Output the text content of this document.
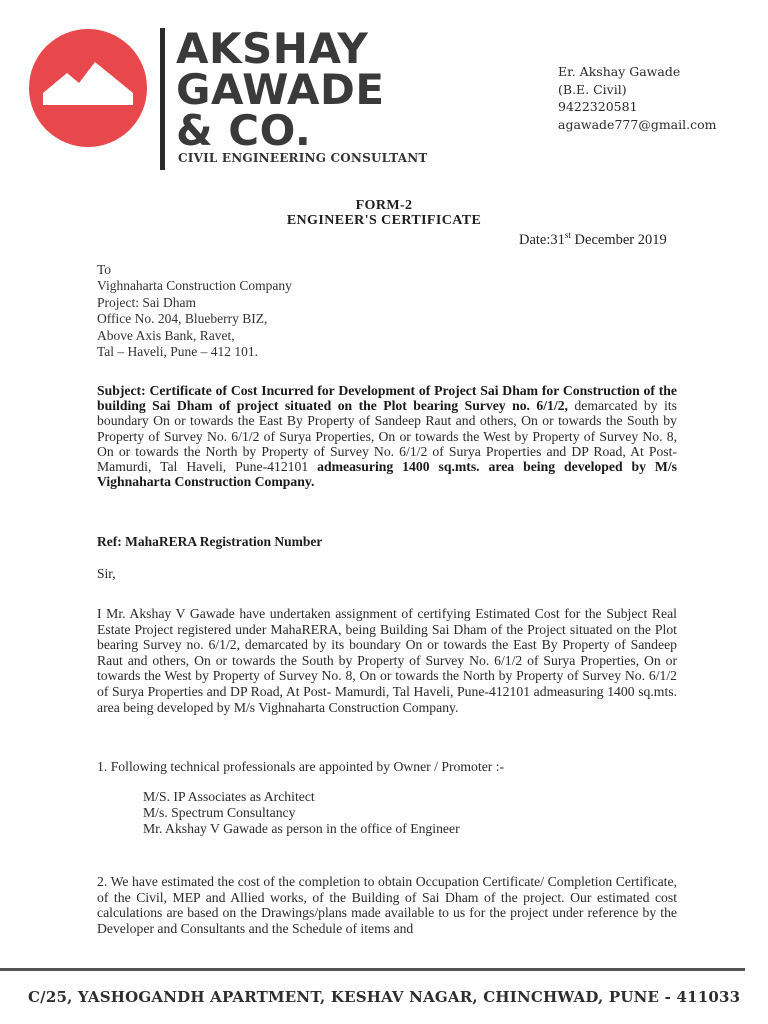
AKSHAY
GAWADE
& CO.
CIVIL ENGINEERING CONSULTANT
Er. Akshay Gawade
(B.E. Civil)
9422320581
agawade777@gmail.com
FORM-2
ENGINEER'S CERTIFICATE
Date:31st December 2019
To
Vighnaharta Construction Company
Project: Sai Dham
Office No. 204, Blueberry BIZ,
Above Axis Bank, Ravet,
Tal – Haveli, Pune – 412 101.
Subject: Certificate of Cost Incurred for Development of Project Sai Dham for Construction of the building Sai Dham of project situated on the Plot bearing Survey no. 6/1/2, demarcated by its boundary On or towards the East By Property of Sandeep Raut and others, On or towards the South by Property of Survey No. 6/1/2 of Surya Properties, On or towards the West by Property of Survey No. 8, On or towards the North by Property of Survey No. 6/1/2 of Surya Properties and DP Road, At Post- Mamurdi, Tal Haveli, Pune-412101 admeasuring 1400 sq.mts. area being developed by M/s Vighnaharta Construction Company.
Ref: MahaRERA Registration Number
Sir,
I Mr. Akshay V Gawade have undertaken assignment of certifying Estimated Cost for the Subject Real Estate Project registered under MahaRERA, being Building Sai Dham of the Project situated on the Plot bearing Survey no. 6/1/2, demarcated by its boundary On or towards the East By Property of Sandeep Raut and others, On or towards the South by Property of Survey No. 6/1/2 of Surya Properties, On or towards the West by Property of Survey No. 8, On or towards the North by Property of Survey No. 6/1/2 of Surya Properties and DP Road, At Post- Mamurdi, Tal Haveli, Pune-412101 admeasuring 1400 sq.mts. area being developed by M/s Vighnaharta Construction Company.
1. Following technical professionals are appointed by Owner / Promoter :-
M/S. IP Associates as Architect
M/s. Spectrum Consultancy
Mr. Akshay V Gawade as person in the office of Engineer
2. We have estimated the cost of the completion to obtain Occupation Certificate/ Completion Certificate, of the Civil, MEP and Allied works, of the Building of Sai Dham of the project. Our estimated cost calculations are based on the Drawings/plans made available to us for the project under reference by the Developer and Consultants and the Schedule of items and
C/25, YASHOGANDH APARTMENT, KESHAV NAGAR, CHINCHWAD, PUNE - 411033
